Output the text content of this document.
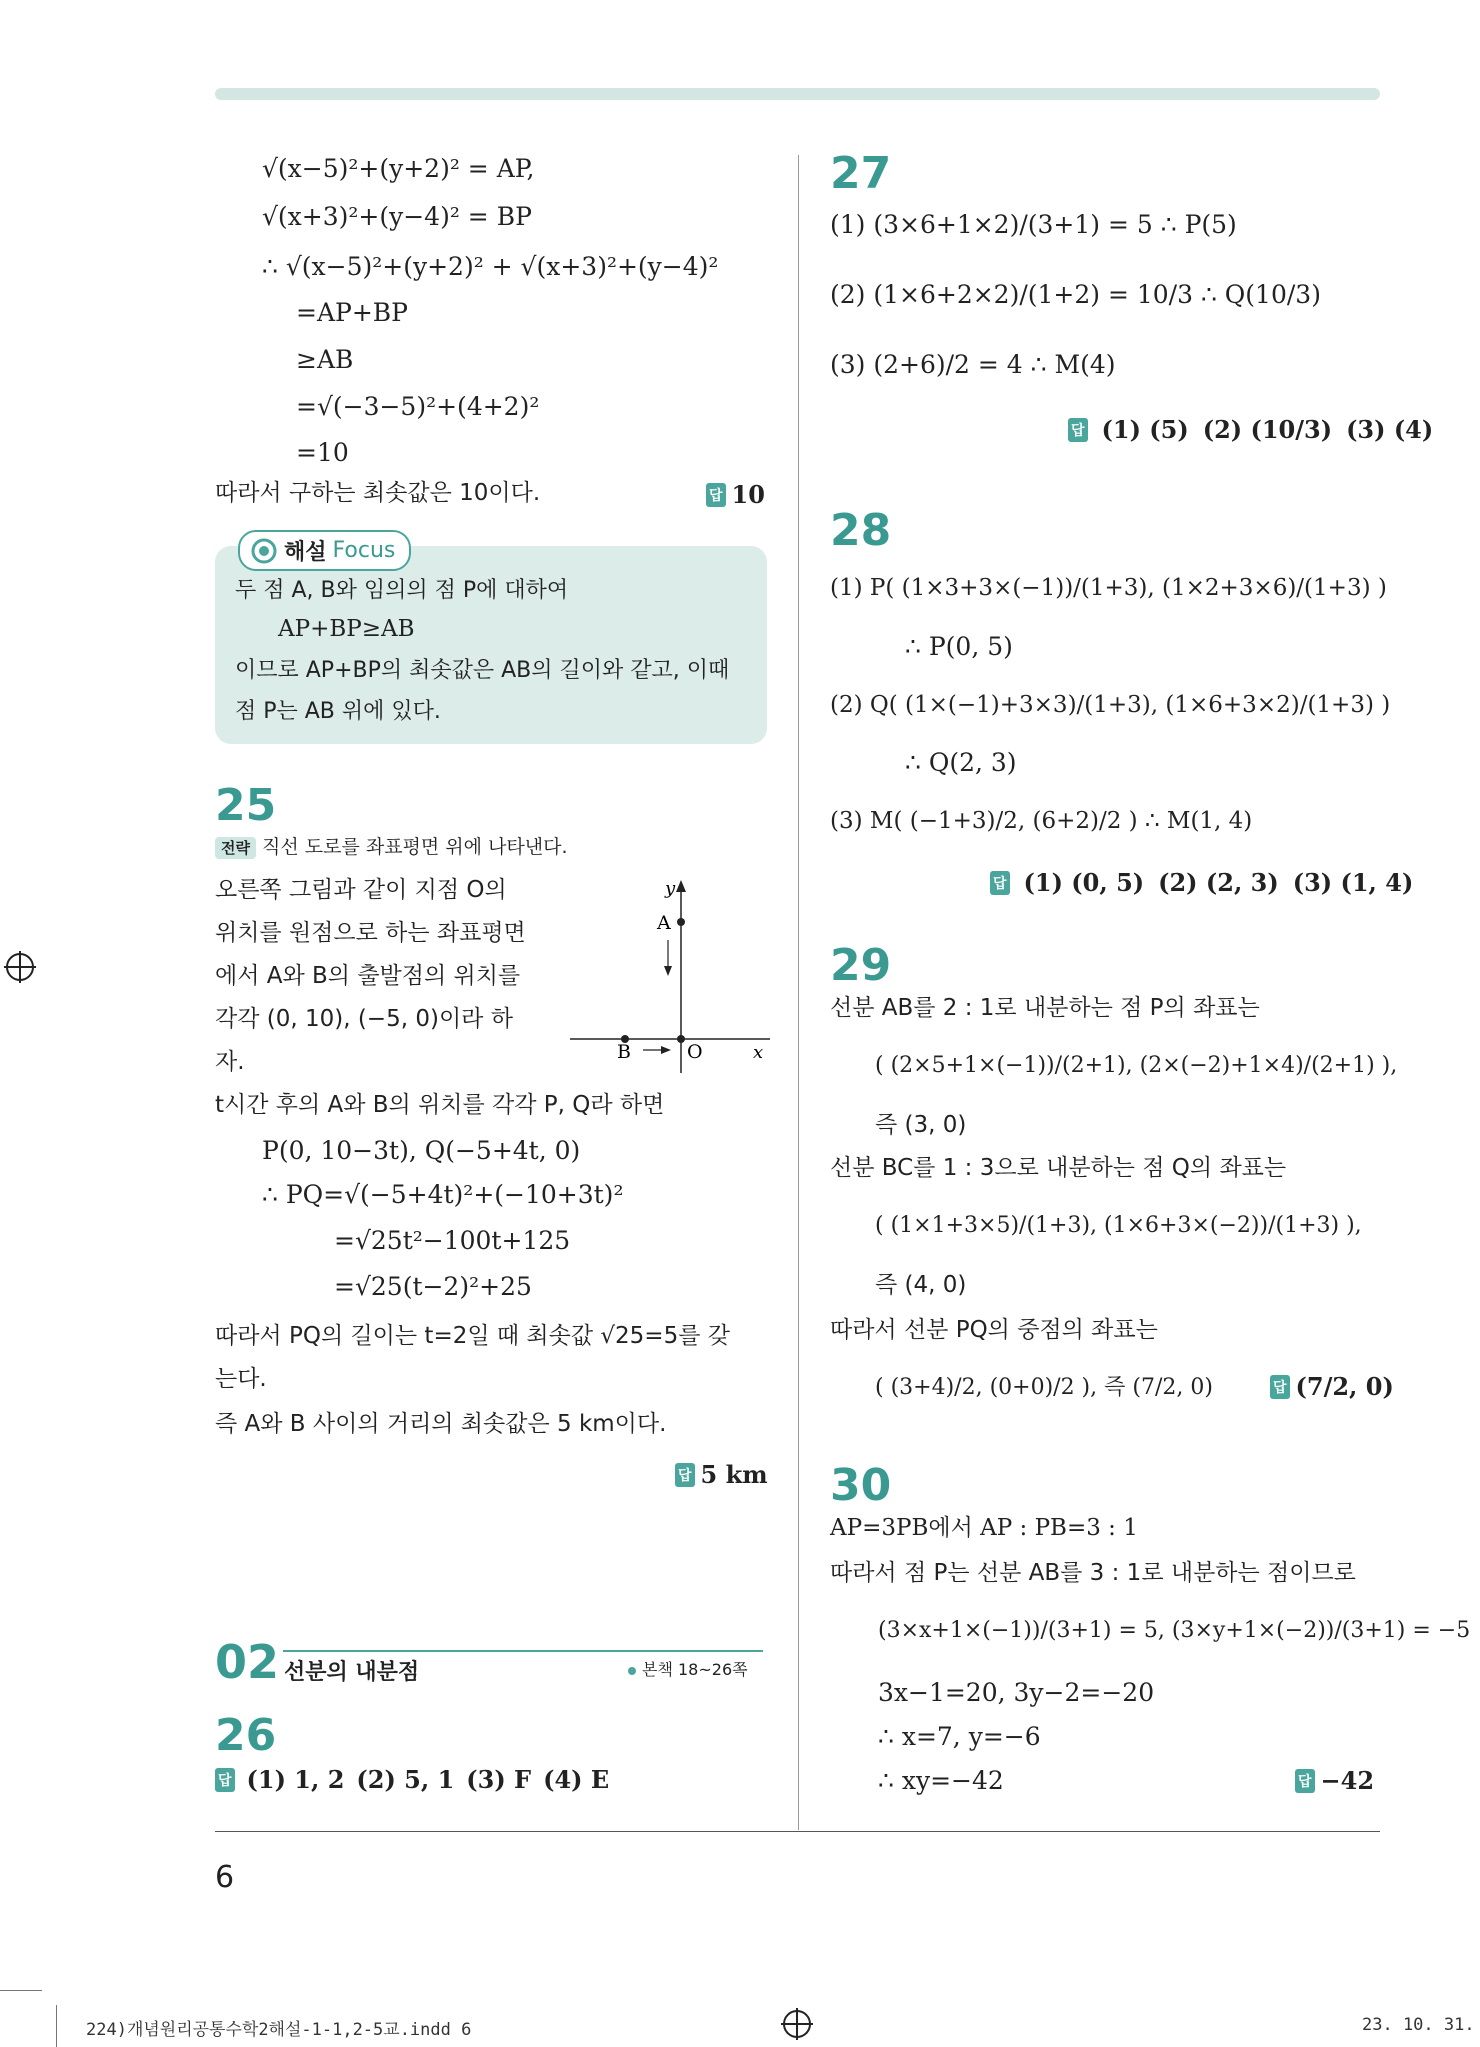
√(x−5)²+(y+2)² = AP,
√(x+3)²+(y−4)² = BP
∴ √(x−5)²+(y+2)² + √(x+3)²+(y−4)²
=AP+BP
≥AB
=√(−3−5)²+(4+2)²
=10
따라서 구하는 최솟값은 10이다.	답 10
해설 Focus
두 점 A, B와 임의의 점 P에 대하여
AP+BP≥AB
이므로 AP+BP의 최솟값은 AB의 길이와 같고, 이때
점 P는 AB 위에 있다.
25
전략 직선 도로를 좌표평면 위에 나타낸다.
오른쪽 그림과 같이 지점 O의
위치를 원점으로 하는 좌표평면
에서 A와 B의 출발점의 위치를
각각 (0, 10), (−5, 0)이라 하
자.
y
A
B	O	x
t시간 후의 A와 B의 위치를 각각 P, Q라 하면
P(0, 10−3t), Q(−5+4t, 0)
∴ PQ=√(−5+4t)²+(−10+3t)²
=√25t²−100t+125
=√25(t−2)²+25
따라서 PQ의 길이는 t=2일 때 최솟값 √25=5를 갖
는다.
즉 A와 B 사이의 거리의 최솟값은 5 km이다.
답 5 km
02 선분의 내분점	본책 18~26쪽
26
답 (1) 1, 2 (2) 5, 1 (3) F (4) E
27
(1) (3×6+1×2)/(3+1) = 5 ∴ P(5)
(2) (1×6+2×2)/(1+2) = 10/3 ∴ Q(10/3)
(3) (2+6)/2 = 4 ∴ M(4)
답 (1) (5) (2) (10/3) (3) (4)
28
(1) P( (1×3+3×(−1))/(1+3), (1×2+3×6)/(1+3) )
∴ P(0, 5)
(2) Q( (1×(−1)+3×3)/(1+3), (1×6+3×2)/(1+3) )
∴ Q(2, 3)
(3) M( (−1+3)/2, (6+2)/2 ) ∴ M(1, 4)
답 (1) (0, 5) (2) (2, 3) (3) (1, 4)
29
선분 AB를 2 : 1로 내분하는 점 P의 좌표는
( (2×5+1×(−1))/(2+1), (2×(−2)+1×4)/(2+1) ),
즉 (3, 0)
선분 BC를 1 : 3으로 내분하는 점 Q의 좌표는
( (1×1+3×5)/(1+3), (1×6+3×(−2))/(1+3) ),
즉 (4, 0)
따라서 선분 PQ의 중점의 좌표는
( (3+4)/2, (0+0)/2 ), 즉 (7/2, 0)	답 (7/2, 0)
30
AP=3PB에서 AP : PB=3 : 1
따라서 점 P는 선분 AB를 3 : 1로 내분하는 점이므로
(3×x+1×(−1))/(3+1) = 5, (3×y+1×(−2))/(3+1) = −5
3x−1=20, 3y−2=−20
∴ x=7, y=−6
∴ xy=−42	답 −42
6
224)개념원리공통수학2해설-1-1,2-5교.indd 6	23. 10. 31.
